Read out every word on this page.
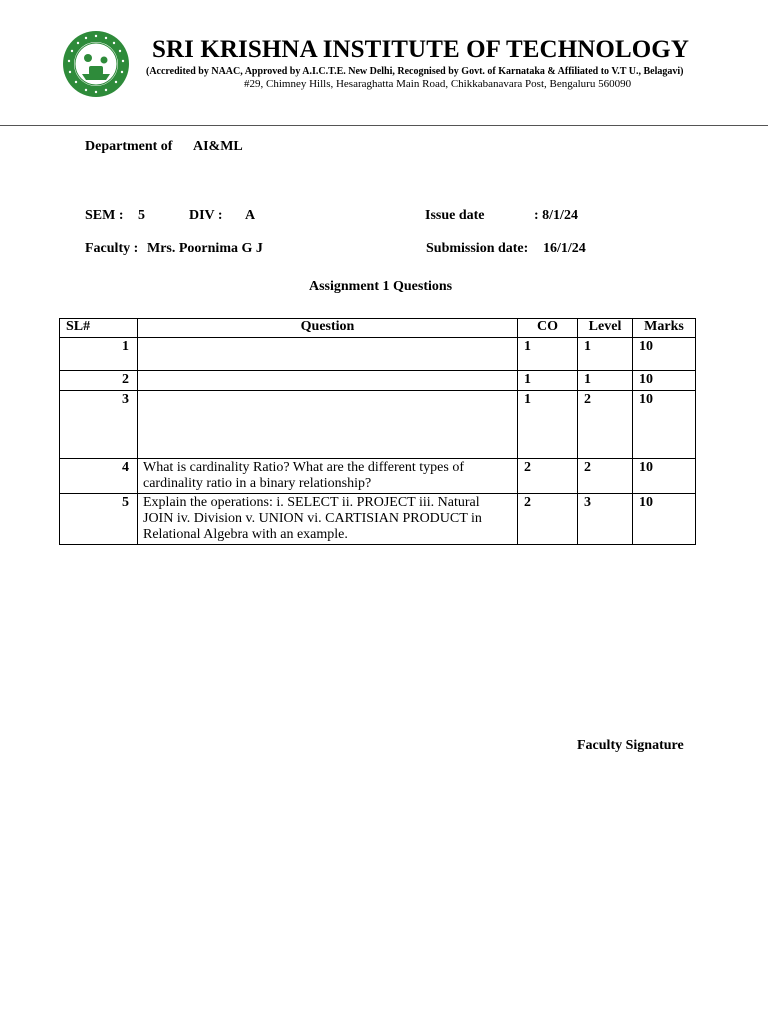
SRI KRISHNA INSTITUTE OF TECHNOLOGY
(Accredited by NAAC, Approved by A.I.C.T.E. New Delhi, Recognised by Govt. of Karnataka & Affiliated to V.T U., Belagavi)
#29, Chimney Hills, Hesaraghatta Main Road, Chikkabanavara Post, Bengaluru 560090
Department of AI&ML
SEM : 5	DIV : A	Issue date	: 8/1/24
Faculty : Mrs. Poornima G J	Submission date: 16/1/24
Assignment 1 Questions
SL#	Question	CO	Level	Marks
1		1	1	10
2		1	1	10
3		1	2	10
4	What is cardinality Ratio? What are the different types of cardinality ratio in a binary relationship?	2	2	10
5	Explain the operations: i. SELECT ii. PROJECT iii. Natural JOIN iv. Division v. UNION vi. CARTISIAN PRODUCT in Relational Algebra with an example.	2	3	10
Faculty Signature
